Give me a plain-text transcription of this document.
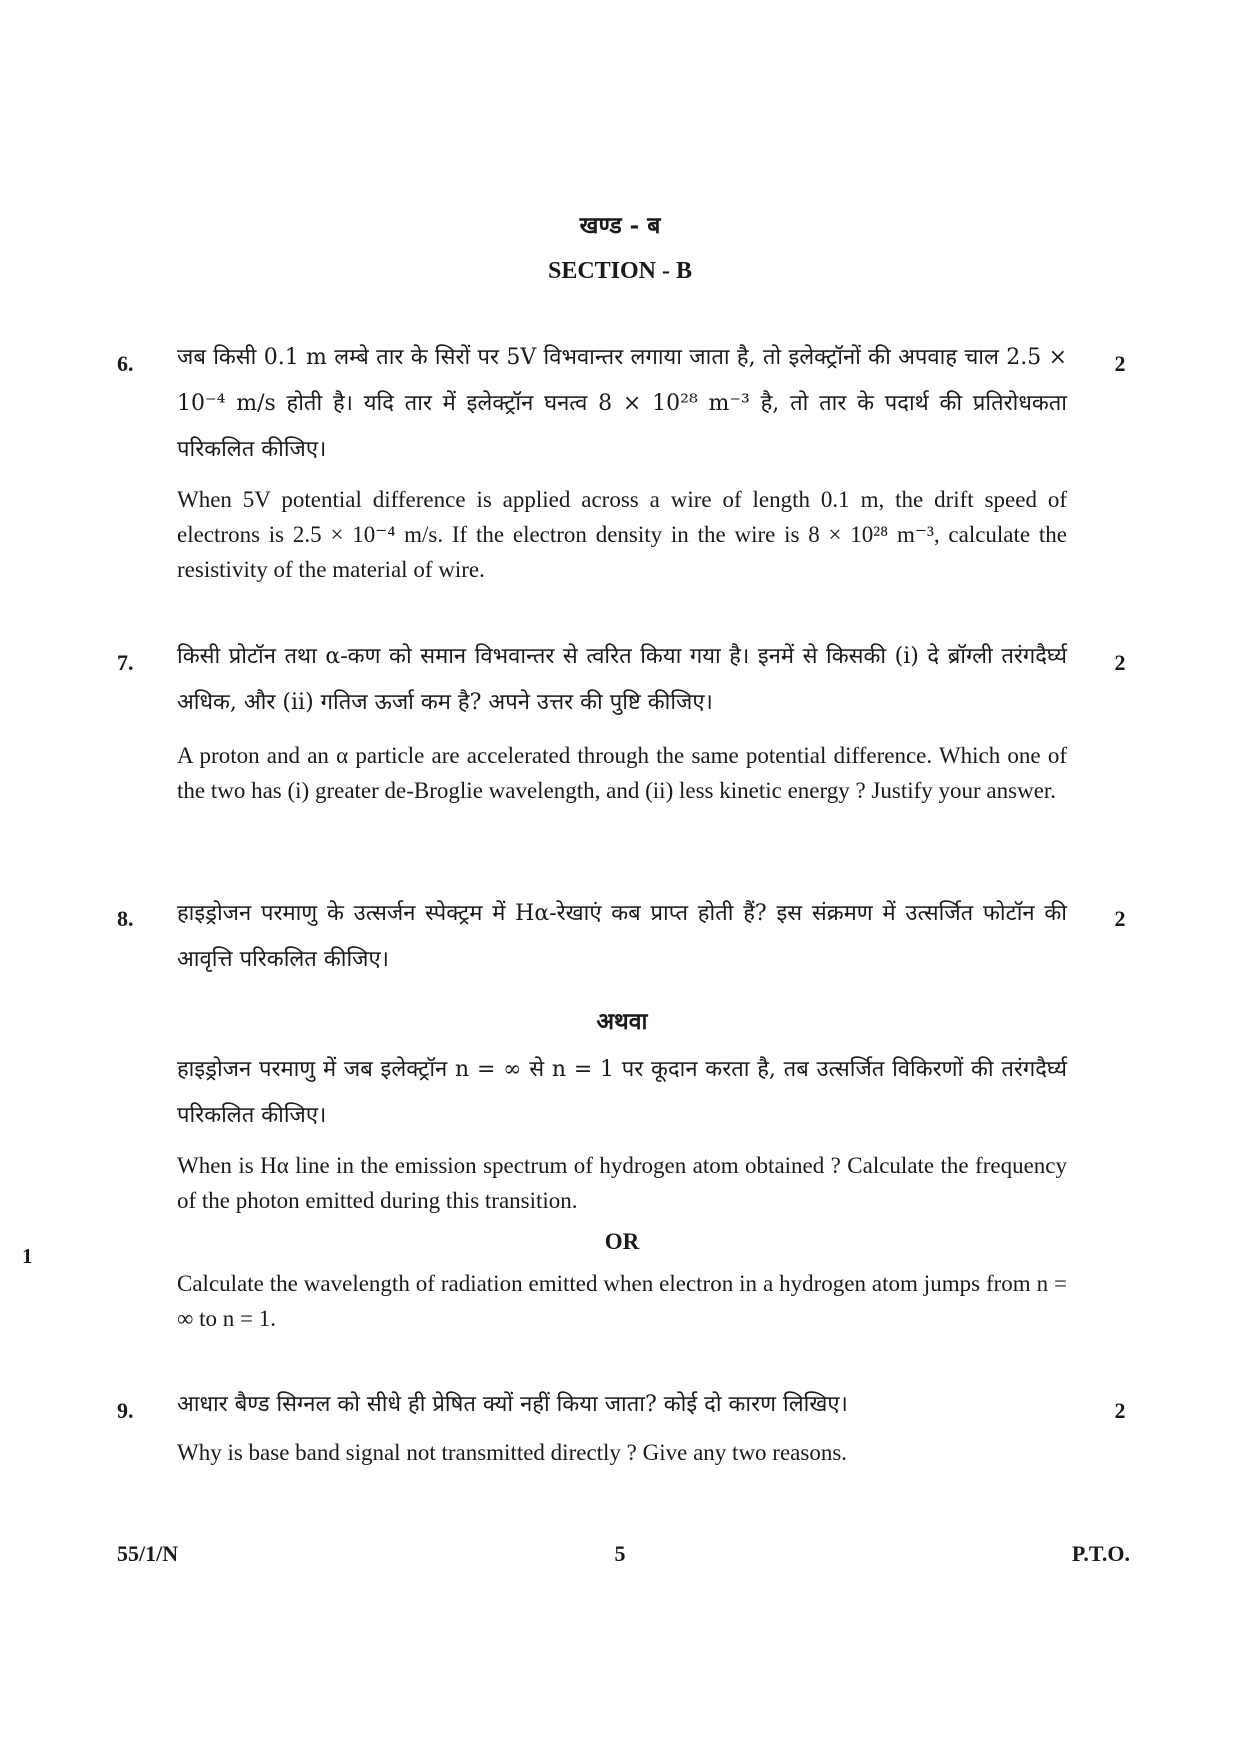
खण्ड - ब
SECTION - B
6.	2
जब किसी 0.1 m लम्बे तार के सिरों पर 5V विभवान्तर लगाया जाता है, तो इलेक्ट्रॉनों की अपवाह चाल 2.5 × 10⁻⁴ m/s होती है। यदि तार में इलेक्ट्रॉन घनत्व 8 × 10²⁸ m⁻³ है, तो तार के पदार्थ की प्रतिरोधकता परिकलित कीजिए।
When 5V potential difference is applied across a wire of length 0.1 m, the drift speed of electrons is 2.5 × 10⁻⁴ m/s. If the electron density in the wire is 8 × 10²⁸ m⁻³, calculate the resistivity of the material of wire.
7.	2
किसी प्रोटॉन तथा α-कण को समान विभवान्तर से त्वरित किया गया है। इनमें से किसकी (i) दे ब्रॉग्ली तरंगदैर्घ्य अधिक, और (ii) गतिज ऊर्जा कम है? अपने उत्तर की पुष्टि कीजिए।
A proton and an α particle are accelerated through the same potential difference. Which one of the two has (i) greater de-Broglie wavelength, and (ii) less kinetic energy ? Justify your answer.
8.	2
हाइड्रोजन परमाणु के उत्सर्जन स्पेक्ट्रम में Hα-रेखाएं कब प्राप्त होती हैं? इस संक्रमण में उत्सर्जित फोटॉन की आवृत्ति परिकलित कीजिए।
अथवा
हाइड्रोजन परमाणु में जब इलेक्ट्रॉन n = ∞ से n = 1 पर कूदान करता है, तब उत्सर्जित विकिरणों की तरंगदैर्घ्य परिकलित कीजिए।
When is Hα line in the emission spectrum of hydrogen atom obtained ? Calculate the frequency of the photon emitted during this transition.
OR
Calculate the wavelength of radiation emitted when electron in a hydrogen atom jumps from n = ∞ to n = 1.
1
9.	2
आधार बैण्ड सिग्नल को सीधे ही प्रेषित क्यों नहीं किया जाता? कोई दो कारण लिखिए।
Why is base band signal not transmitted directly ? Give any two reasons.
55/1/N	5	P.T.O.
